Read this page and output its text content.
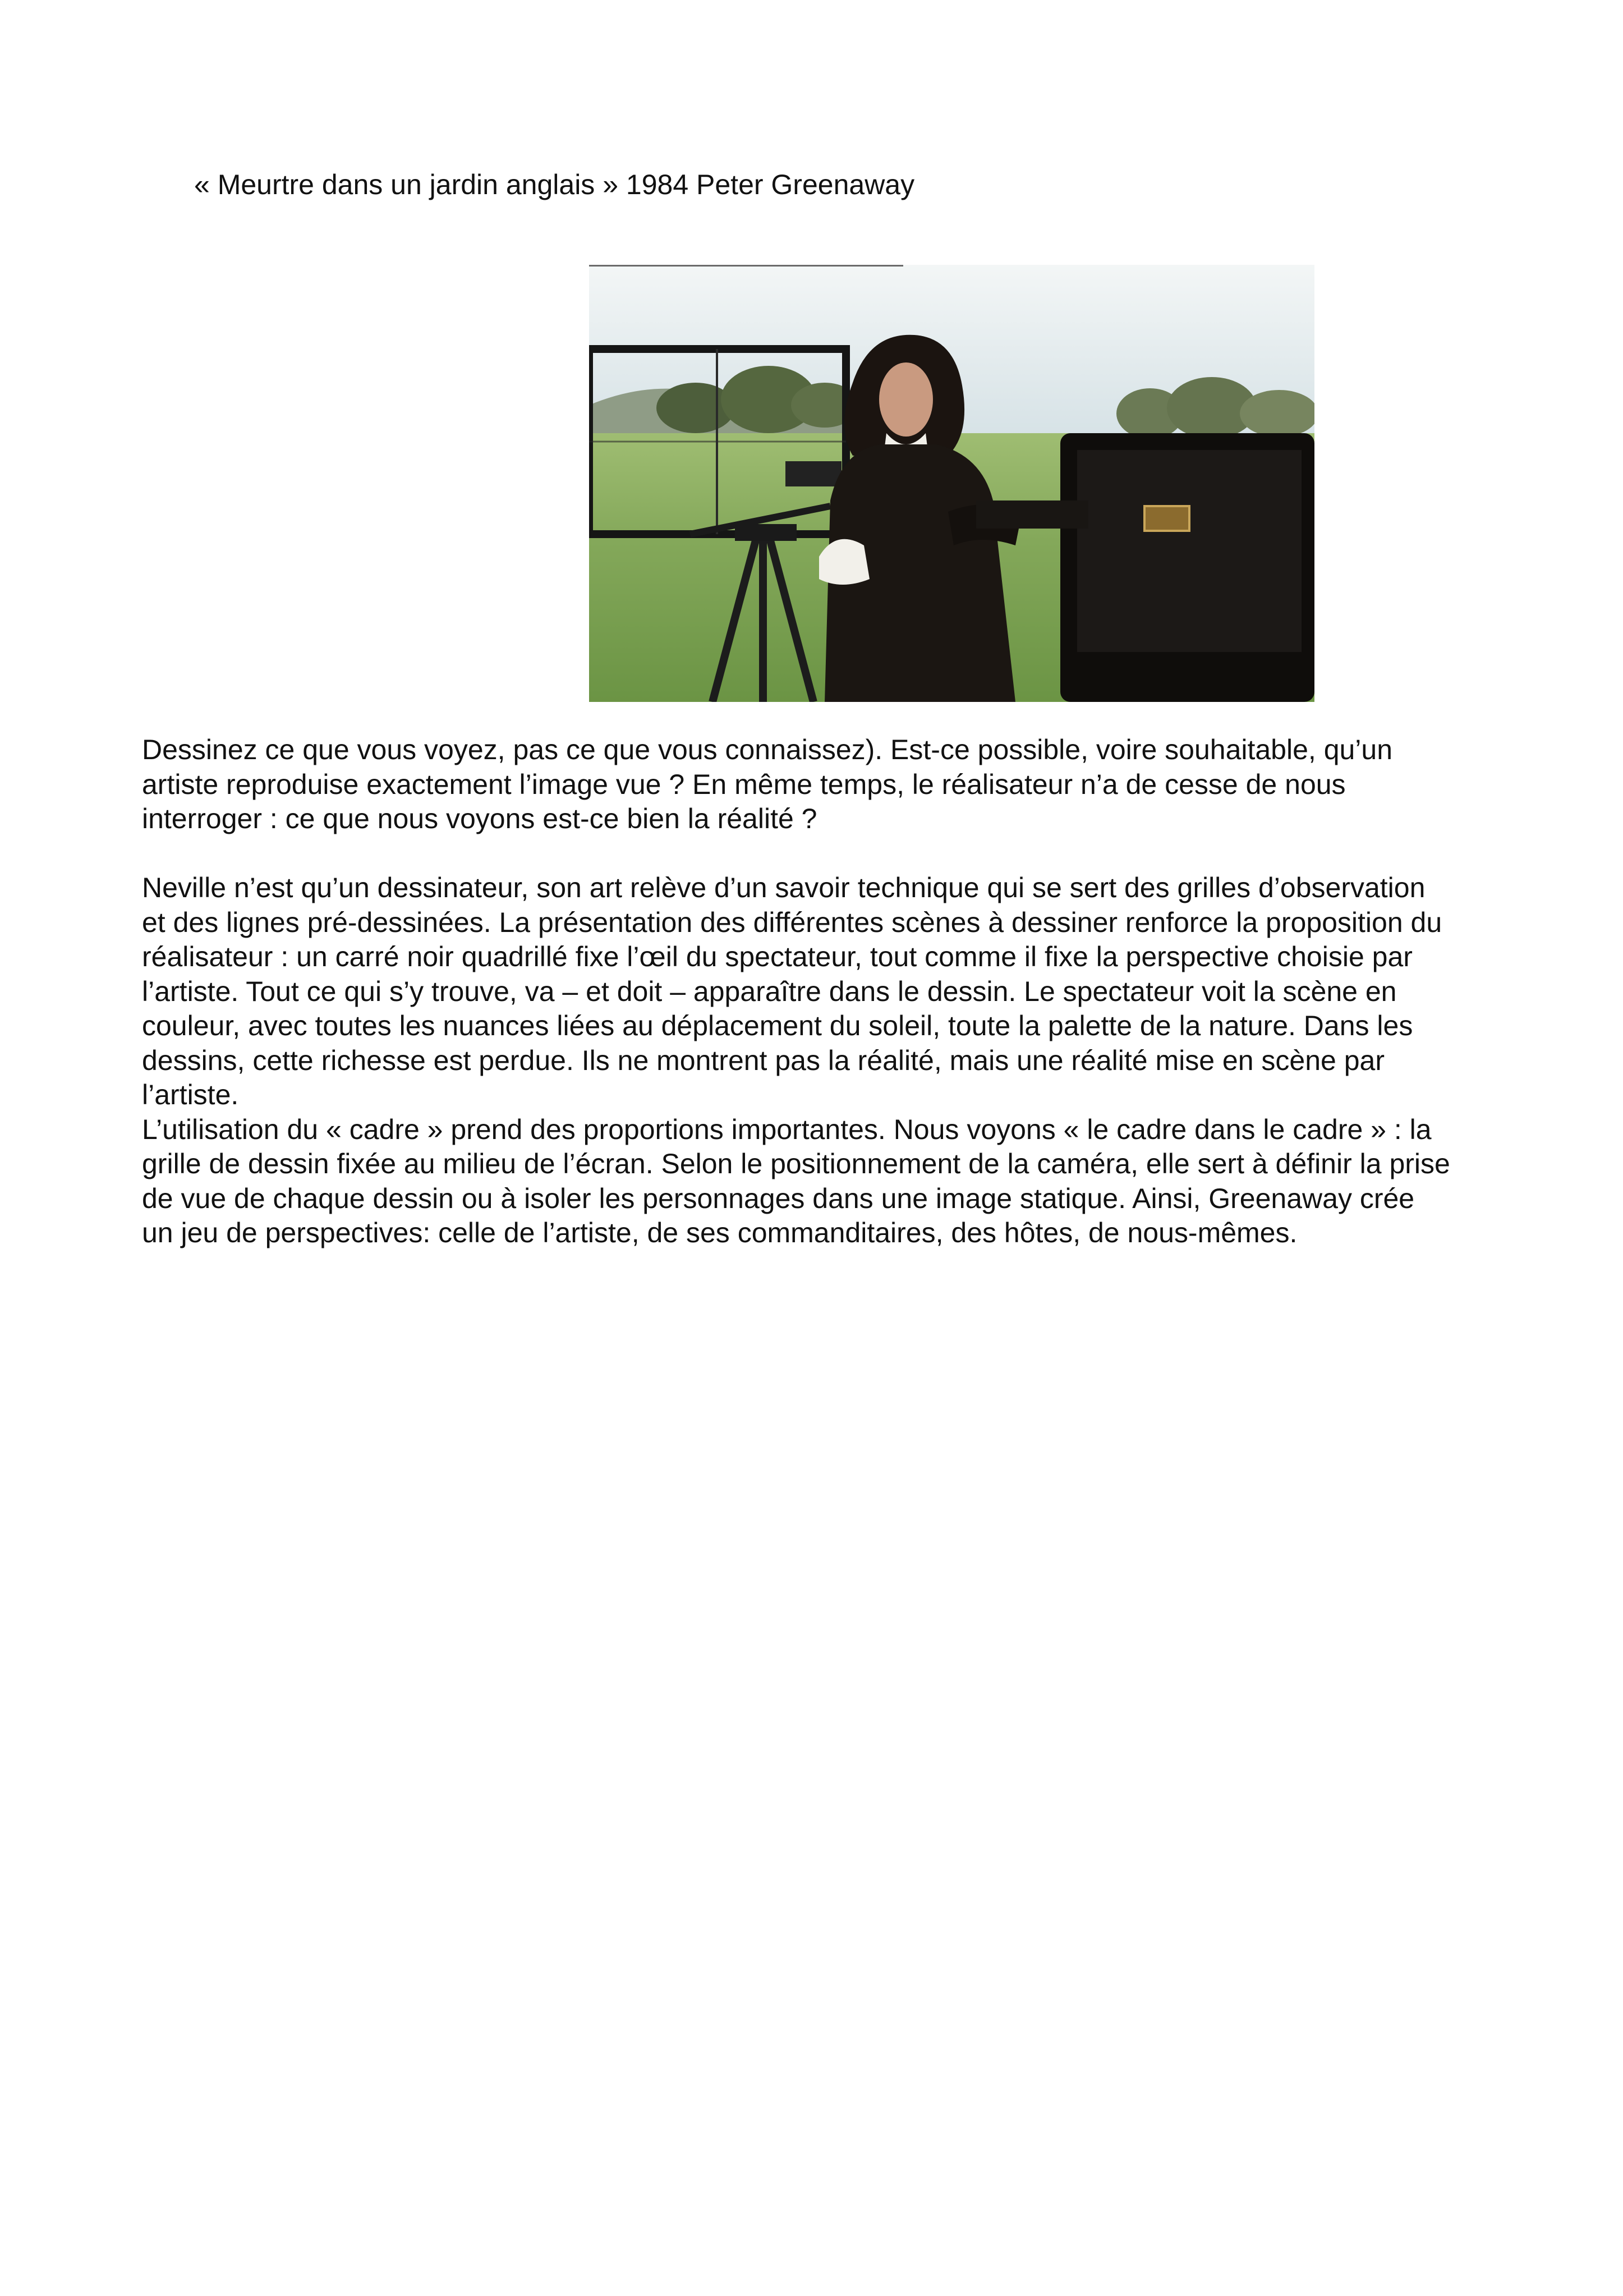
« Meurtre dans un jardin anglais » 1984 Peter Greenaway

Dessinez ce que vous voyez, pas ce que vous connaissez). Est-ce possible, voire souhaitable, qu’un

artiste reproduise exactement l’image vue ? En même temps, le réalisateur n’a de cesse de nous

interroger : ce que nous voyons est-ce bien la réalité ?

Neville n’est qu’un dessinateur, son art relève d’un savoir technique qui se sert des grilles d’observation

et des lignes pré-dessinées. La présentation des différentes scènes à dessiner renforce la proposition du

réalisateur : un carré noir quadrillé fixe l’œil du spectateur, tout comme il fixe la perspective choisie par

l’artiste. Tout ce qui s’y trouve, va – et doit – apparaître dans le dessin. Le spectateur voit la scène en

couleur, avec toutes les nuances liées au déplacement du soleil, toute la palette de la nature. Dans les

dessins, cette richesse est perdue. Ils ne montrent pas la réalité, mais une réalité mise en scène par

l’artiste.

L’utilisation du « cadre » prend des proportions importantes. Nous voyons « le cadre dans le cadre » : la

grille de dessin fixée au milieu de l’écran. Selon le positionnement de la caméra, elle sert à définir la prise

de vue de chaque dessin ou à isoler les personnages dans une image statique. Ainsi, Greenaway crée

un jeu de perspectives: celle de l’artiste, de ses commanditaires, des hôtes, de nous-mêmes.
